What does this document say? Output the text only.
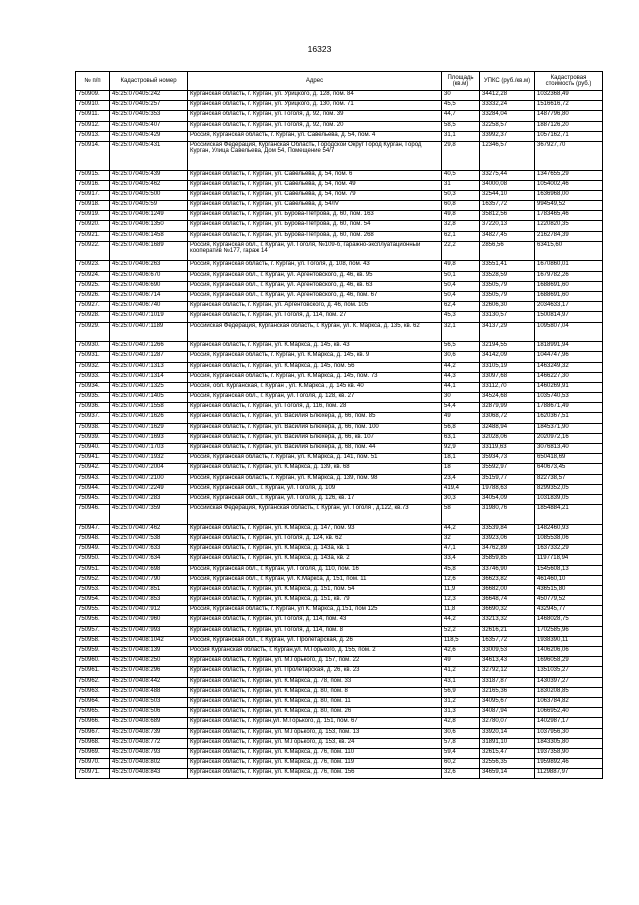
16323
№ п/п	Кадастровый номер	Адрес	Площадь (кв.м)	УПКС (руб./кв.м)	Кадастровая стоимость (руб.)
750909.	45:25:070405:242	Курганская область, г. Курган, ул. Урицкого, д. 128, пом. 84	30	34412,28	1032368,49
750910.	45:25:070405:257	Курганская область, г. Курган, ул. Урицкого, д. 130, пом. 71	45,5	33332,24	1516616,72
750911.	45:25:070405:353	Курганская область, г. Курган, ул. Гоголя, д. 92, пом. 39	44,7	33284,04	1487796,80
750912.	45:25:070405:407	Курганская область, г. Курган, ул. Гоголя, д. 92, пом. 20	58,5	32258,57	1887126,20
750913.	45:25:070405:429	Россия, Курганская область, г. Курган, ул. Савельева, д. 54, пом. 4	31,1	33992,37	1057162,71
750914.	45:25:070405:431	Российская Федерация, Курганская Область, Городской Округ Город Курган, Город Курган, Улица Савельева, Дом 54, Помещение 54/7	29,8	12346,57	367927,70
750915.	45:25:070405:439	Курганская область, г. Курган, ул. Савельева, д. 54, пом. 6	40,5	33275,44	1347655,29
750916.	45:25:070405:462	Курганская область, г. Курган, ул. Савельева, д. 54, пом. 49	31	34000,08	1054002,46
750917.	45:25:070405:500	Курганская область, г. Курган, ул. Савельева, д. 54, пом. 79	50,3	32544,10	1636968,00
750918.	45:25:070405:59	Курганская область, г. Курган, ул. Савельева, д. 54/IV	60,8	16357,72	994549,52
750919.	45:25:070406:1249	Курганская область, г. Курган, ул. Бурова-Петрова, д. 60, пом. 163	49,8	35812,56	1783465,46
750920.	45:25:070406:1350	Курганская область, г. Курган, ул. Бурова-Петрова, д. 60, пом. 54	32,8	37220,13	1220820,35
750921.	45:25:070406:1458	Курганская область, г. Курган, ул. Бурова-Петрова, д. 60, пом. 268	62,1	34827,45	2162784,39
750922.	45:25:070406:1689	Россия, Курганская обл., г. Курган, ул. Гоголя, №109-б, гаражно-эксплуатационный кооператив №177, гараж 14	22,2	2856,56	63415,60
750923.	45:25:070406:263	Россия, Курганская область, г. Курган, ул. Гоголя, д. 108, пом. 43	49,8	33551,41	1670860,01
750924.	45:25:070406:670	Россия, Курганская обл., г. Курган, ул. Аргентовского, д. 46, кв. 95	50,1	33528,59	1679782,26
750925.	45:25:070406:690	Россия, Курганская обл., г. Курган, ул. Аргентовского, д. 46, кв. 63	50,4	33505,79	1688691,60
750926.	45:25:070406:714	Россия, Курганская обл., г. Курган, ул. Аргентовского, д. 46, пом. 67	50,4	33505,79	1688691,60
750927.	45:25:070406:740	Курганская область, г. Курган, ул. Аргентовского, д. 46, пом. 105	62,4	32606,30	2034633,17
750928.	45:25:070407:1019	Курганская область, г. Курган, ул. Гоголя, д. 114, пом. 27	45,3	33130,57	1500814,97
750929.	45:25:070407:1189	Российская Федерация, Курганская область, г. Курган, ул. К. Маркса, д. 135, кв. 62	32,1	34137,29	1095807,04
750930.	45:25:070407:1266	Курганская область, г. Курган, ул. К.Маркса, д. 145, кв. 43	56,5	32194,55	1818991,94
750931.	45:25:070407:1287	Россия, Курганская область, г. Курган, ул. К.Маркса, д. 145, кв. 9	30,6	34142,09	1044747,96
750932.	45:25:070407:1313	Курганская область, г. Курган, ул. К.Маркса, д. 145, пом. 56	44,2	33105,19	1463249,32
750933.	45:25:070407:1314	Россия, Курганская область, г. Курган, ул. К.Маркса, д. 145, пом. 73	44,3	33097,68	1466227,30
750934.	45:25:070407:1325	Россия, обл. Курганская, г. Курган , ул. К.Маркса , д. 145 кв. 40	44,1	33112,70	1460269,91
750935.	45:25:070407:1405	Россия, Курганская обл., г. Курган, ул. Гоголя, д. 128, кв. 27	30	34524,68	1035740,53
750936.	45:25:070407:1558	Курганская область, г. Курган, ул. Гоголя, д. 116, пом. 28	54,4	32879,99	1788671,49
750937.	45:25:070407:1626	Курганская область, г. Курган, ул. Василия Блюхера, д. 66, пом. 85	49	33068,72	1620367,51
750938.	45:25:070407:1629	Курганская область, г. Курган, ул. Василия Блюхера, д. 66, пом. 100	56,8	32488,94	1845371,90
750939.	45:25:070407:1693	Курганская область, г. Курган, ул. Василия Блюхера, д. 66, кв. 107	63,1	32028,06	2020972,16
750940.	45:25:070407:1703	Курганская область, г. Курган, ул. Василия Блюхера, д. 68, пом. 44	92,9	33119,63	3076813,40
750941.	45:25:070407:1932	Россия, Курганская область, г. Курган, ул. К.Маркса, д. 141, пом. 51	18,1	35934,73	650418,69
750942.	45:25:070407:2004	Курганская область, г. Курган, ул. К.Маркса, д. 139, кв. 68	18	35592,97	640673,45
750943.	45:25:070407:2100	Россия, Курганская область, г. Курган, ул. К.Маркса, д. 139, пом. 98	23,4	35159,77	822738,57
750944.	45:25:070407:2249	Россия, Курганская обл., г. Курган, ул. Гоголя, д. 109	419,4	19788,63	8299352,05
750945.	45:25:070407:283	Россия, Курганская обл., г. Курган, ул. Гоголя, д. 126, кв. 17	30,3	34054,09	1031839,05
750946.	45:25:070407:359	Российская Федерация, Курганская область, г. Курган, ул. Гоголя , д.122, кв.73	58	31980,76	1854884,21
750947.	45:25:070407:462	Курганская область, г. Курган, ул. К.Маркса, д. 147, пом. 93	44,2	33539,84	1482460,93
750948.	45:25:070407:538	Курганская область, г. Курган, ул. Гоголя, д. 124, кв. 62	32	33923,06	1085538,06
750949.	45:25:070407:633	Курганская область, г. Курган, ул. К.Маркса, д. 143а, кв. 1	47,1	34762,89	1637332,29
750950.	45:25:070407:634	Курганская область, г. Курган, ул. К.Маркса, д. 143а, кв. 2	33,4	35859,85	1197718,94
750951.	45:25:070407:698	Россия, Курганская обл., г. Курган, ул. Гоголя, д. 110, пом. 16	45,8	33746,90	1545608,13
750952.	45:25:070407:790	Россия, Курганская обл., г. Курган, ул. К.Маркса, д. 151, пом. 11	12,6	36623,82	461460,10
750953.	45:25:070407:851	Курганская область, г. Курган, ул. К.Маркса, д. 151, пом. 54	11,9	36682,00	436515,80
750954.	45:25:070407:853	Курганская область, г. Курган, ул. К.Маркса, д. 151, кв. 79	12,3	36648,74	450779,52
750955.	45:25:070407:912	Россия, Курганская область, г. Курган, ул К. Маркса, д.151, пом 125	11,8	36690,32	432945,77
750956.	45:25:070407:960	Курганская область, г. Курган, ул. Гоголя, д. 114, пом. 43	44,2	33213,32	1468028,75
750957.	45:25:070407:993	Курганская область, г. Курган, ул. Гоголя, д. 114, пом. 8	52,2	32616,21	1702585,96
750958.	45:25:070408:1042	Россия, Курганская обл., г. Курган, ул. Пролетарская, д. 26	118,5	16357,72	1938390,11
750959.	45:25:070408:139	Россия Курганская область, г. Курган,ул. М.Горького, д. 155, пом. 2	42,6	33009,53	1406206,06
750960.	45:25:070408:250	Курганская область, г. Курган, ул. М.Горького, д. 157, пом. 22	49	34613,43	1696058,29
750961.	45:25:070408:296	Курганская область, г. Курган, ул. Пролетарская, д. 26, кв. 23	41,2	32792,12	1351035,27
750962.	45:25:070408:442	Курганская область, г. Курган, ул. К.Маркса, д. 78, пом. 33	43,1	33187,87	1430397,27
750963.	45:25:070408:488	Курганская область, г. Курган, ул. К.Маркса, д. 80, пом. 8	56,9	32165,36	1830208,85
750964.	45:25:070408:503	Курганская область, г. Курган, ул. К.Маркса, д. 80, пом. 11	31,2	34095,67	1063784,82
750965.	45:25:070408:506	Курганская область, г. Курган, ул. К.Маркса, д. 80, пом. 26	31,3	34087,94	1066952,40
750966.	45:25:070408:689	Курганская область, г. Курган,ул. М.Горького, д. 151, пом. 67	42,8	32780,07	1402987,17
750967.	45:25:070408:739	Курганская область, г. Курган, ул. М.Горького, д. 153, пом. 13	30,6	33920,14	1037956,30
750968.	45:25:070408:772	Курганская область, г. Курган, ул. М.Горького, д. 153, кв. 24	57,8	31891,10	1843305,80
750969.	45:25:070408:793	Курганская область, г. Курган, ул. К.Маркса, д. 76, пом. 110	59,4	32615,47	1937358,90
750970.	45:25:070408:802	Курганская область, г. Курган, ул. К.Маркса, д. 76, пом. 119	60,2	32556,35	1959892,46
750971.	45:25:070408:843	Курганская область, г. Курган, ул. К.Маркса, д. 76, пом. 156	32,6	34659,14	1129887,97
